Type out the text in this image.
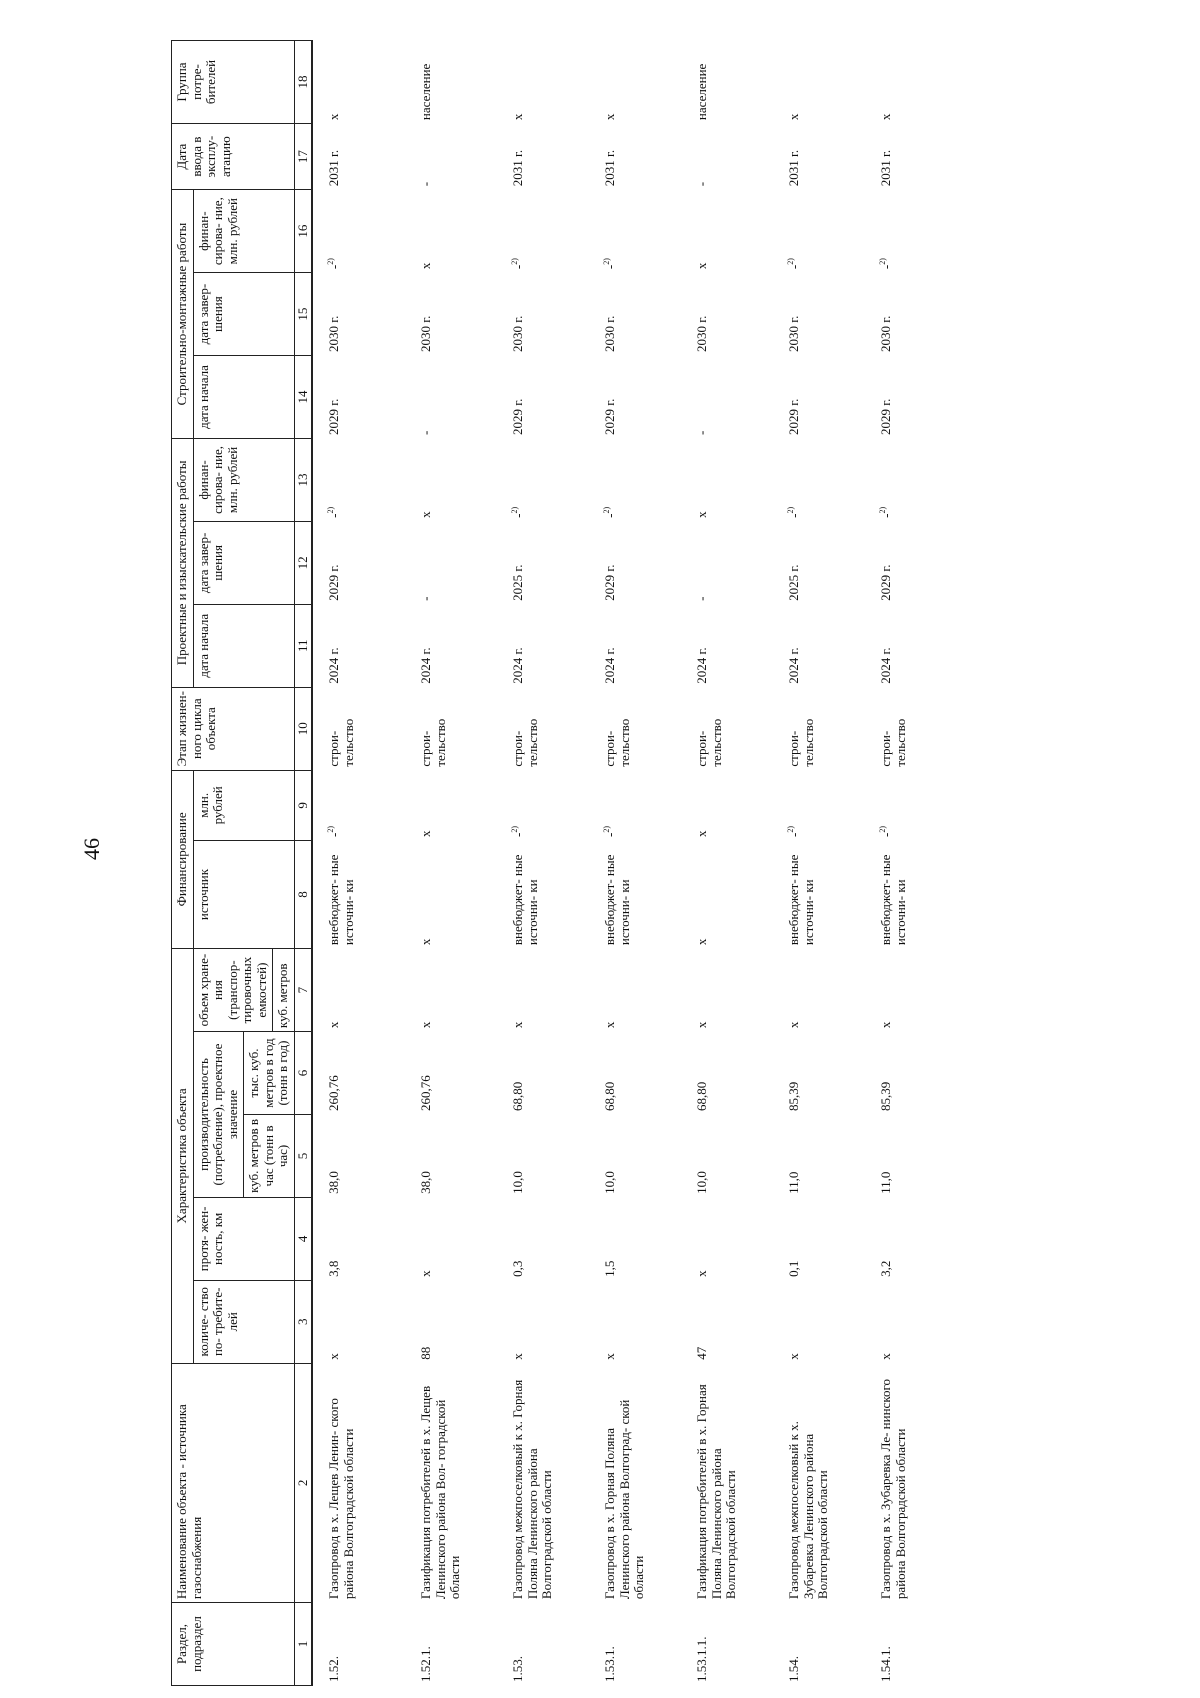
46
Раздел, подраздел	Наименование объекта - источника газоснабжения	Характеристика объекта					Финансирование		Этап жизнен- ного цикла объекта	Проектные и изыскательские работы			Строительно-монтажные работы			Дата ввода в эксплу- атацию	Группа потре- бителей
		количе- ство по- требите- лей	протя- жен- ность, км	производительность (потребление), проектное значение		объем хране- ния (транспор- тировочных емкостей)	источник	млн. рублей		дата начала	дата завер- шения	финан- сирова- ние, млн. рублей	дата начала	дата завер- шения	финан- сирова- ние, млн. рублей		
				куб. метров в час (тонн в час)	тыс. куб. метров в год (тонн в год)												
						куб. метров											
1	2	3	4	5	6	7	8	9	10	11	12	13	14	15	16	17	18
1.52.	Газопровод в х. Лещев Ленин- ского района Волгоградской области	х	3,8	38,0	260,76	х	внебюджет- ные источни- ки	-$^{2)}$	строи- тельство	2024 г.	2029 г.	-$^{2)}$	2029 г.	2030 г.	-$^{2)}$	2031 г.	х
1.52.1.	Газификация потребителей в х. Лещев Ленинского района Вол- гоградской области	88	х	38,0	260,76	х	х	х	строи- тельство	2024 г.	-	х	-	2030 г.	х	-	население
1.53.	Газопровод межпоселковый к х. Горная Поляна Ленинского района Волгоградской области	х	0,3	10,0	68,80	х	внебюджет- ные источни- ки	-$^{2)}$	строи- тельство	2024 г.	2025 г.	-$^{2)}$	2029 г.	2030 г.	-$^{2)}$	2031 г.	х
1.53.1.	Газопровод в х. Горная Поляна Ленинского района Волгоград- ской области	х	1,5	10,0	68,80	х	внебюджет- ные источни- ки	-$^{2)}$	строи- тельство	2024 г.	2029 г.	-$^{2)}$	2029 г.	2030 г.	-$^{2)}$	2031 г.	х
1.53.1.1.	Газификация потребителей в х. Горная Поляна Ленинского района Волгоградской области	47	х	10,0	68,80	х	х	х	строи- тельство	2024 г.	-	х	-	2030 г.	х	-	население
1.54.	Газопровод межпоселковый к х. Зубаревка Ленинского района Волгоградской области	х	0,1	11,0	85,39	х	внебюджет- ные источни- ки	-$^{2)}$	строи- тельство	2024 г.	2025 г.	-$^{2)}$	2029 г.	2030 г.	-$^{2)}$	2031 г.	х
1.54.1.	Газопровод в х. Зубаревка Ле- нинского района Волгоградской области	х	3,2	11,0	85,39	х	внебюджет- ные источни- ки	-$^{2)}$	строи- тельство	2024 г.	2029 г.	-$^{2)}$	2029 г.	2030 г.	-$^{2)}$	2031 г.	х
